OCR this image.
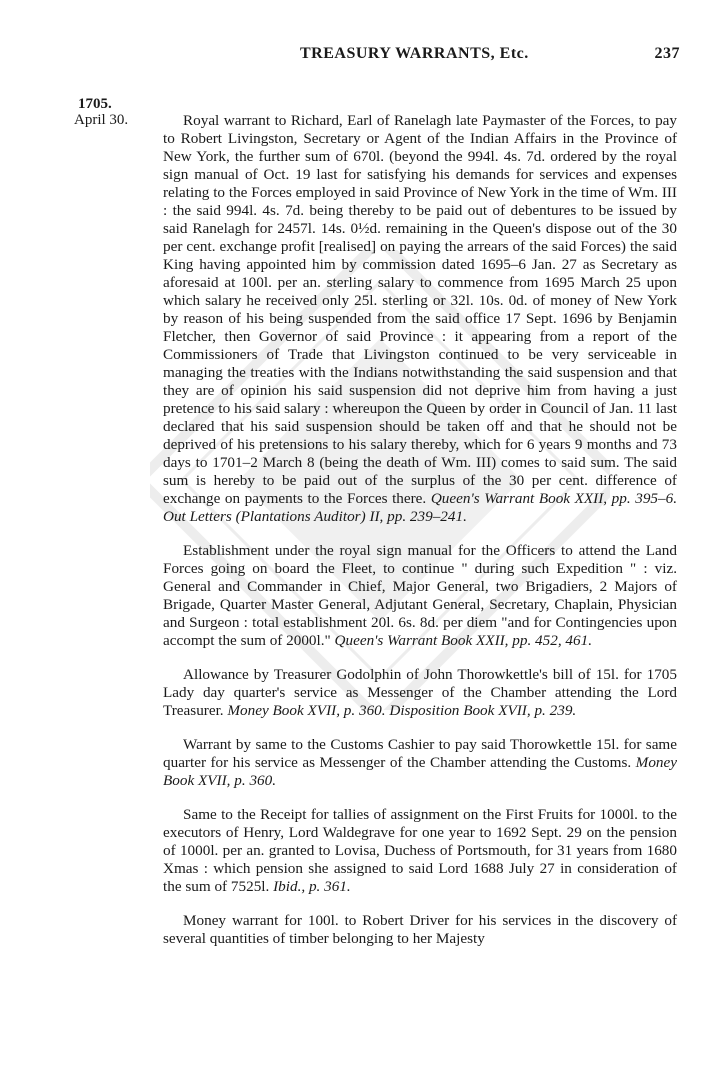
TREASURY WARRANTS, Etc.	237
1705.
April 30.	Royal warrant to Richard, Earl of Ranelagh late Paymaster of the Forces, to pay to Robert Livingston, Secretary or Agent of the Indian Affairs in the Province of New York, the further sum of 670l. (beyond the 994l. 4s. 7d. ordered by the royal sign manual of Oct. 19 last for satisfying his demands for services and expenses relating to the Forces employed in said Province of New York in the time of Wm. III : the said 994l. 4s. 7d. being thereby to be paid out of debentures to be issued by said Ranelagh for 2457l. 14s. 0½d. remaining in the Queen's dispose out of the 30 per cent. exchange profit [realised] on paying the arrears of the said Forces) the said King having appointed him by commission dated 1695–6 Jan. 27 as Secretary as aforesaid at 100l. per an. sterling salary to commence from 1695 March 25 upon which salary he received only 25l. sterling or 32l. 10s. 0d. of money of New York by reason of his being suspended from the said office 17 Sept. 1696 by Benjamin Fletcher, then Governor of said Province : it appearing from a report of the Commissioners of Trade that Livingston continued to be very serviceable in managing the treaties with the Indians notwithstanding the said suspension and that they are of opinion his said suspension did not deprive him from having a just pretence to his said salary : whereupon the Queen by order in Council of Jan. 11 last declared that his said suspension should be taken off and that he should not be deprived of his pretensions to his salary thereby, which for 6 years 9 months and 73 days to 1701–2 March 8 (being the death of Wm. III) comes to said sum. The said sum is hereby to be paid out of the surplus of the 30 per cent. difference of exchange on payments to the Forces there. Queen's Warrant Book XXII, pp. 395–6. Out Letters (Plantations Auditor) II, pp. 239–241.

Establishment under the royal sign manual for the Officers to attend the Land Forces going on board the Fleet, to continue " during such Expedition " : viz. General and Commander in Chief, Major General, two Brigadiers, 2 Majors of Brigade, Quarter Master General, Adjutant General, Secretary, Chaplain, Physician and Surgeon : total establishment 20l. 6s. 8d. per diem "and for Contingencies upon accompt the sum of 2000l." Queen's Warrant Book XXII, pp. 452, 461.

Allowance by Treasurer Godolphin of John Thorowkettle's bill of 15l. for 1705 Lady day quarter's service as Messenger of the Chamber attending the Lord Treasurer. Money Book XVII, p. 360. Disposition Book XVII, p. 239.

Warrant by same to the Customs Cashier to pay said Thorowkettle 15l. for same quarter for his service as Messenger of the Chamber attending the Customs. Money Book XVII, p. 360.

Same to the Receipt for tallies of assignment on the First Fruits for 1000l. to the executors of Henry, Lord Waldegrave for one year to 1692 Sept. 29 on the pension of 1000l. per an. granted to Lovisa, Duchess of Portsmouth, for 31 years from 1680 Xmas : which pension she assigned to said Lord 1688 July 27 in consideration of the sum of 7525l. Ibid., p. 361.

Money warrant for 100l. to Robert Driver for his services in the discovery of several quantities of timber belonging to her Majesty
